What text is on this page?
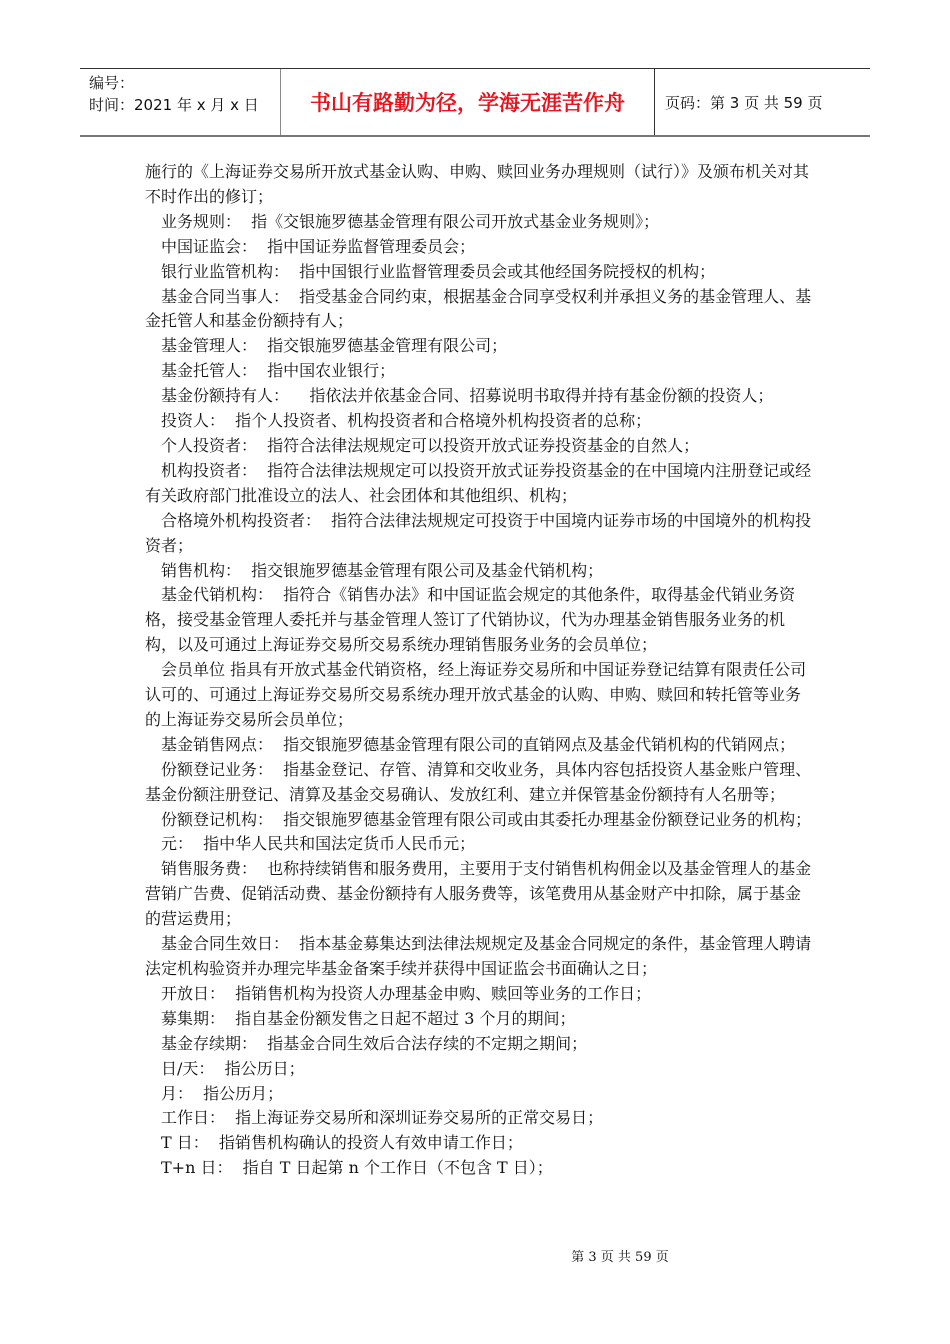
编号：
时间：2021 年 x 月 x 日	书山有路勤为径，学海无涯苦作舟	页码：第 3 页 共 59 页

施行的《上海证券交易所开放式基金认购、申购、赎回业务办理规则（试行）》及颁布机关对其不时作出的修订；

业务规则：  指《交银施罗德基金管理有限公司开放式基金业务规则》；

中国证监会：  指中国证券监督管理委员会；

银行业监管机构：  指中国银行业监督管理委员会或其他经国务院授权的机构；

基金合同当事人：  指受基金合同约束，根据基金合同享受权利并承担义务的基金管理人、基金托管人和基金份额持有人；

基金管理人：  指交银施罗德基金管理有限公司；

基金托管人：  指中国农业银行；

基金份额持有人：    指依法并依基金合同、招募说明书取得并持有基金份额的投资人；

投资人：  指个人投资者、机构投资者和合格境外机构投资者的总称；

个人投资者：  指符合法律法规规定可以投资开放式证券投资基金的自然人；

机构投资者：  指符合法律法规规定可以投资开放式证券投资基金的在中国境内注册登记或经有关政府部门批准设立的法人、社会团体和其他组织、机构；

合格境外机构投资者：  指符合法律法规规定可投资于中国境内证券市场的中国境外的机构投资者；

销售机构：  指交银施罗德基金管理有限公司及基金代销机构；

基金代销机构：  指符合《销售办法》和中国证监会规定的其他条件，取得基金代销业务资格，接受基金管理人委托并与基金管理人签订了代销协议，代为办理基金销售服务业务的机构，以及可通过上海证券交易所交易系统办理销售服务业务的会员单位；

会员单位 指具有开放式基金代销资格，经上海证券交易所和中国证券登记结算有限责任公司认可的、可通过上海证券交易所交易系统办理开放式基金的认购、申购、赎回和转托管等业务的上海证券交易所会员单位；

基金销售网点：  指交银施罗德基金管理有限公司的直销网点及基金代销机构的代销网点；

份额登记业务：  指基金登记、存管、清算和交收业务，具体内容包括投资人基金账户管理、基金份额注册登记、清算及基金交易确认、发放红利、建立并保管基金份额持有人名册等；

份额登记机构：  指交银施罗德基金管理有限公司或由其委托办理基金份额登记业务的机构；

元：  指中华人民共和国法定货币人民币元；

销售服务费：  也称持续销售和服务费用，主要用于支付销售机构佣金以及基金管理人的基金营销广告费、促销活动费、基金份额持有人服务费等，该笔费用从基金财产中扣除，属于基金的营运费用；

基金合同生效日：  指本基金募集达到法律法规规定及基金合同规定的条件，基金管理人聘请法定机构验资并办理完毕基金备案手续并获得中国证监会书面确认之日；

开放日：  指销售机构为投资人办理基金申购、赎回等业务的工作日；

募集期：  指自基金份额发售之日起不超过 3 个月的期间；

基金存续期：  指基金合同生效后合法存续的不定期之期间；

日/天：  指公历日；

月：  指公历月；

工作日：  指上海证券交易所和深圳证券交易所的正常交易日；

T 日：  指销售机构确认的投资人有效申请工作日；

T+n 日：  指自 T 日起第 n 个工作日（不包含 T 日）；

第 3 页 共 59 页
